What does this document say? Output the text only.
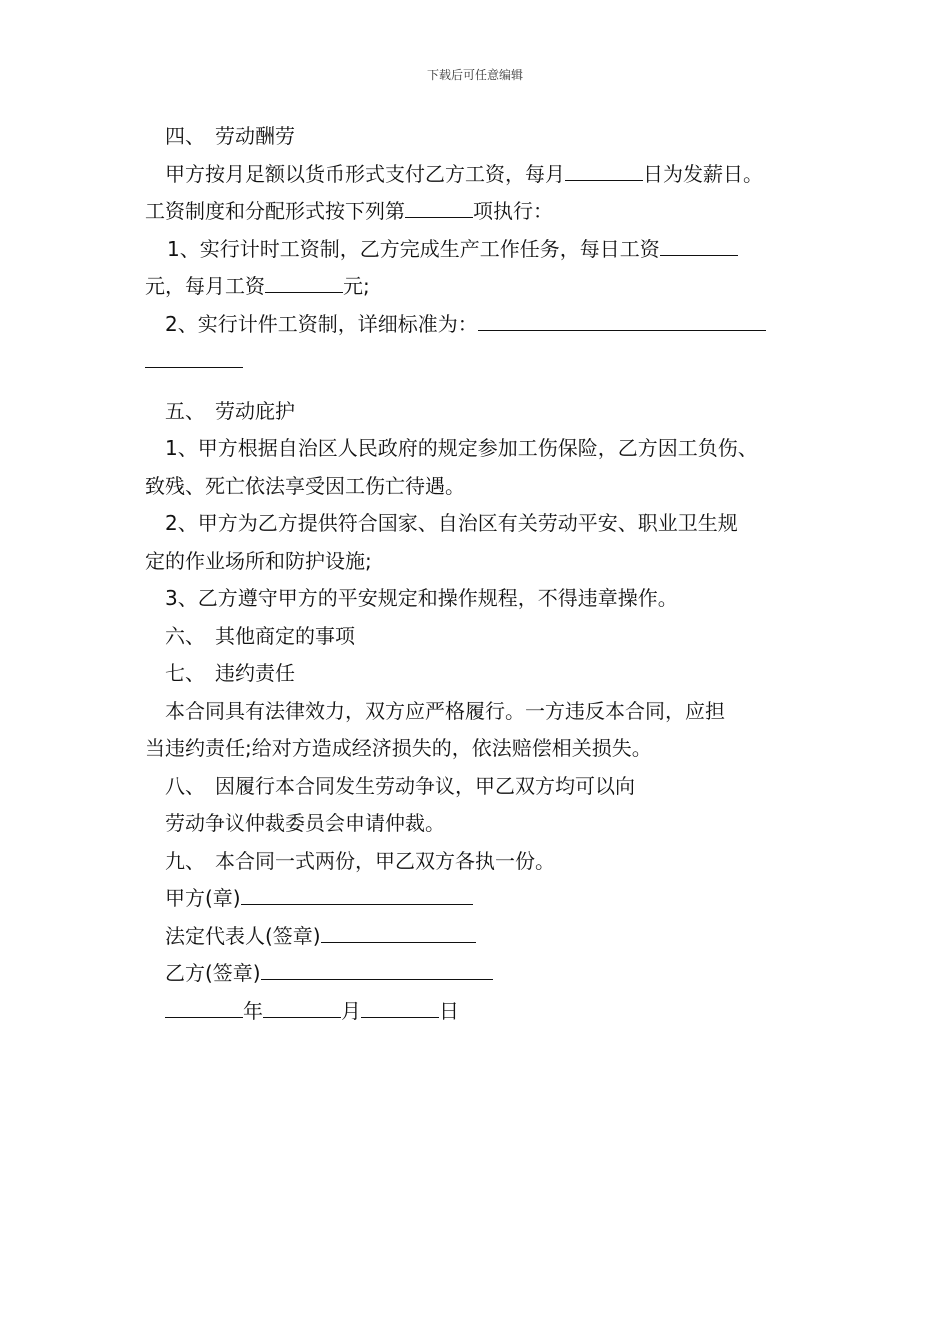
下载后可任意编辑
四、 劳动酬劳
甲方按月足额以货币形式支付乙方工资，每月	日为发薪日。
工资制度和分配形式按下列第	项执行：
1、实行计时工资制，乙方完成生产工作任务，每日工资
元，每月工资	元;
2、实行计件工资制，详细标准为：
五、 劳动庇护
1、甲方根据自治区人民政府的规定参加工伤保险，乙方因工负伤、
致残、死亡依法享受因工伤亡待遇。
2、甲方为乙方提供符合国家、自治区有关劳动平安、职业卫生规
定的作业场所和防护设施;
3、乙方遵守甲方的平安规定和操作规程，不得违章操作。
六、 其他商定的事项
七、 违约责任
本合同具有法律效力，双方应严格履行。一方违反本合同，应担
当违约责任;给对方造成经济损失的，依法赔偿相关损失。
八、 因履行本合同发生劳动争议，甲乙双方均可以向
劳动争议仲裁委员会申请仲裁。
九、 本合同一式两份，甲乙双方各执一份。
甲方(章)
法定代表人(签章)
乙方(签章)
年	月	日
